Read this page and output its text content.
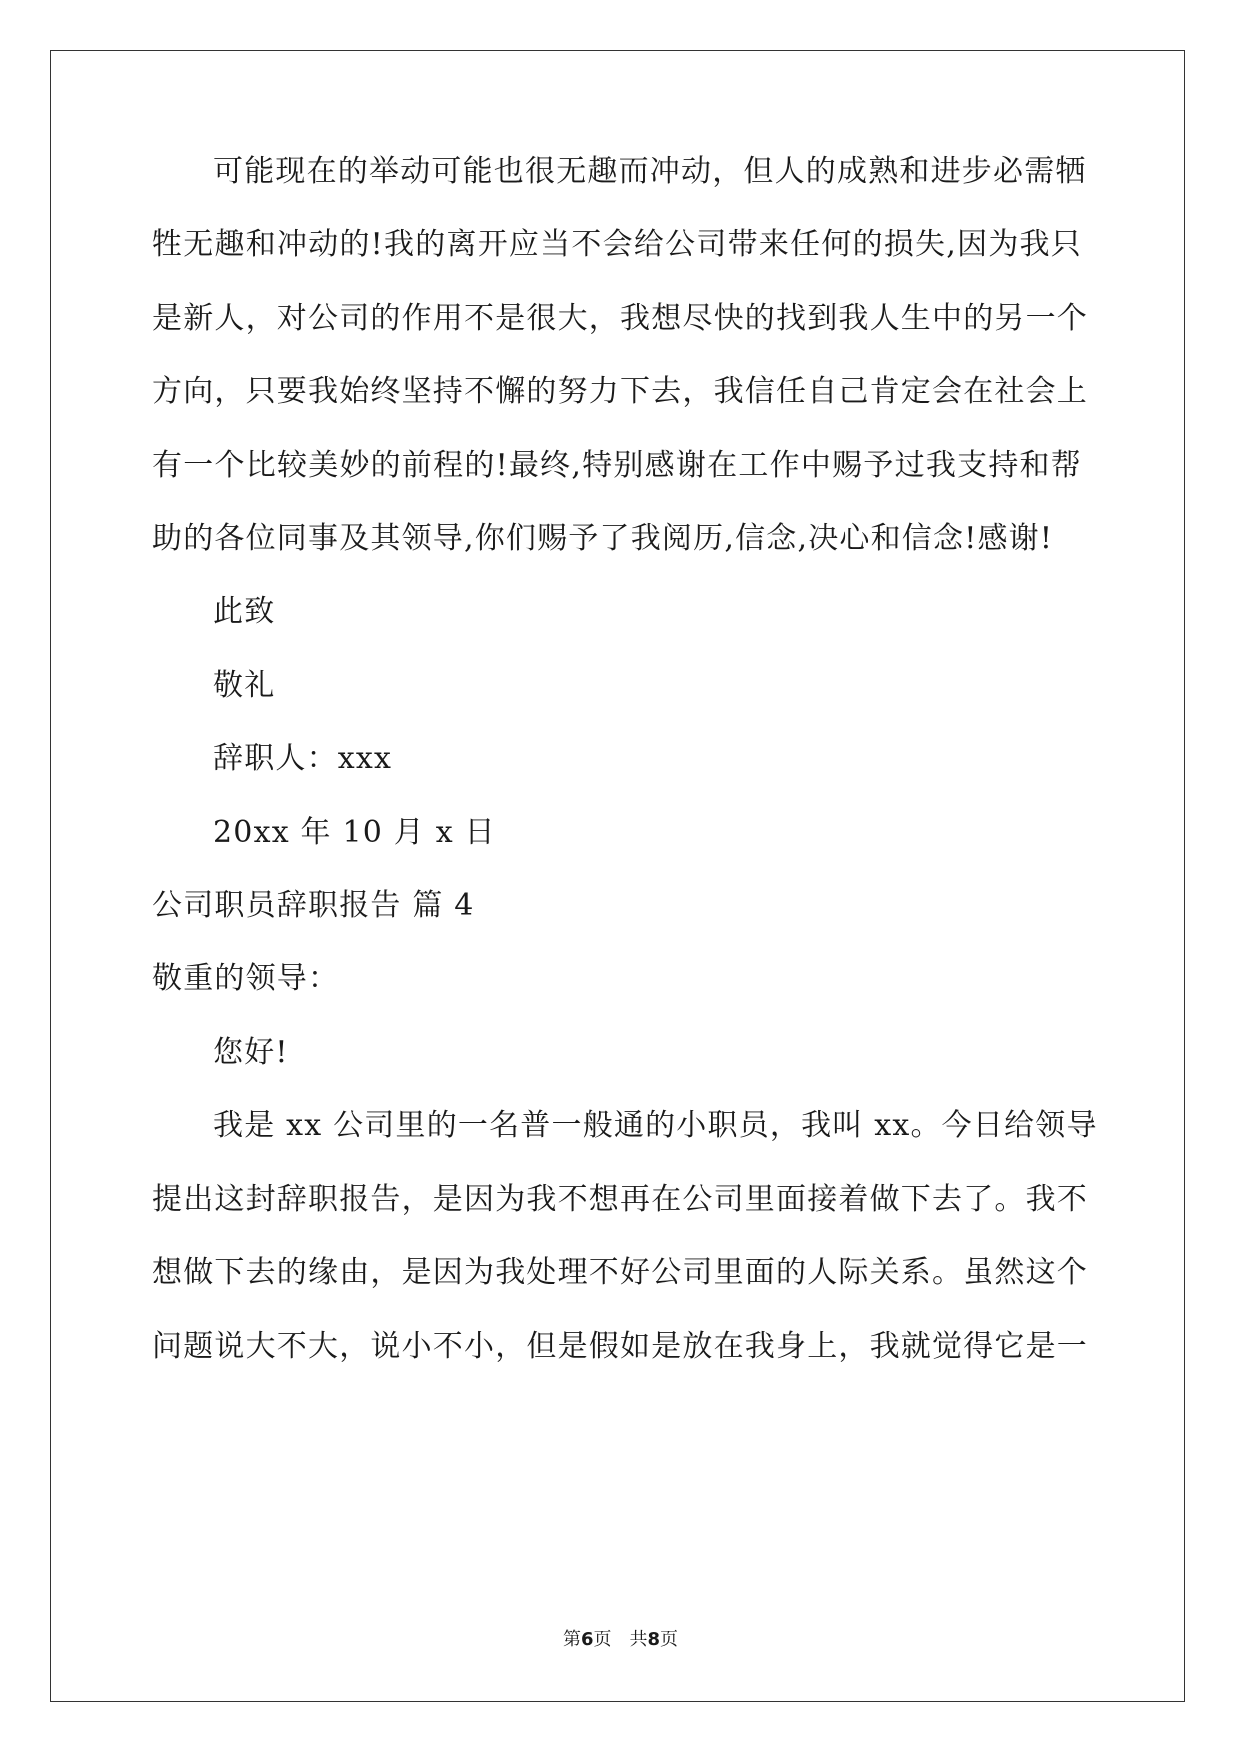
可能现在的举动可能也很无趣而冲动，但人的成熟和进步必需牺
牲无趣和冲动的!我的离开应当不会给公司带来任何的损失,因为我只
是新人，对公司的作用不是很大，我想尽快的找到我人生中的另一个
方向，只要我始终坚持不懈的努力下去，我信任自己肯定会在社会上
有一个比较美妙的前程的!最终,特别感谢在工作中赐予过我支持和帮
助的各位同事及其领导,你们赐予了我阅历,信念,决心和信念!感谢!
此致
敬礼
辞职人：xxx
20xx 年 10 月 x 日
公司职员辞职报告 篇 4
敬重的领导：
您好!
我是 xx 公司里的一名普一般通的小职员，我叫 xx。今日给领导
提出这封辞职报告，是因为我不想再在公司里面接着做下去了。我不
想做下去的缘由，是因为我处理不好公司里面的人际关系。虽然这个
问题说大不大，说小不小，但是假如是放在我身上，我就觉得它是一
第6页 共8页
